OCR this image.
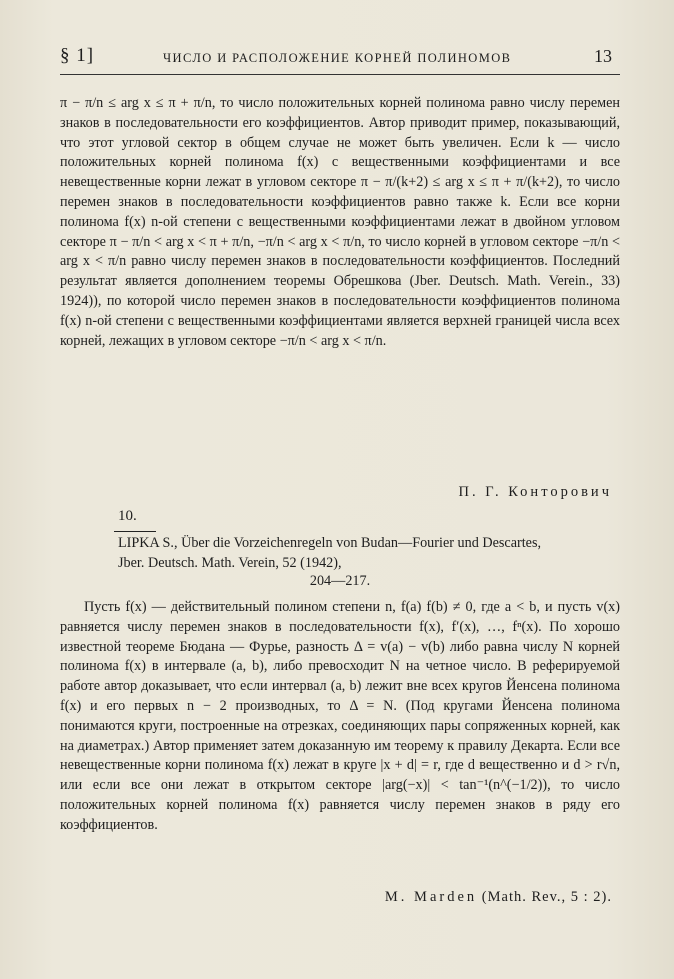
§ 1]	ЧИСЛО И РАСПОЛОЖЕНИЕ КОРНЕЙ ПОЛИНОМОВ	13

π − π/n ≤ arg x ≤ π + π/n, то число положительных корней полинома равно числу перемен знаков в последовательности его коэффициентов. Автор приводит пример, показывающий, что этот угловой сектор в общем случае не может быть увеличен. Если k — число положительных корней полинома f(x) с вещественными коэффициентами и все невещественные корни лежат в угловом секторе π − π/(k+2) ≤ arg x ≤ π + π/(k+2), то число перемен знаков в последовательности коэффициентов равно также k. Если все корни полинома f(x) n-ой степени с вещественными коэффициентами лежат в двойном угловом секторе π − π/n < arg x < π + π/n, −π/n < arg x < π/n, то число корней в угловом секторе −π/n < arg x < π/n равно числу перемен знаков в последовательности коэффициентов. Последний результат является дополнением теоремы Обрешкова (Jber. Deutsch. Math. Verein., 33) 1924)), по которой число перемен знаков в последовательности коэффициентов полинома f(x) n-ой степени с вещественными коэффициентами является верхней границей числа всех корней, лежащих в угловом секторе −π/n < arg x < π/n.

П. Г. Конторович
10.
LIPKA S., Über die Vorzeichenregeln von Budan—Fourier und Descartes, Jber. Deutsch. Math. Verein, 52 (1942),
204—217.

Пусть f(x) — действительный полином степени n, f(a) f(b) ≠ 0, где a < b, и пусть v(x) равняется числу перемен знаков в последовательности f(x), f′(x), …, fⁿ(x). По хорошо известной теореме Бюдана — Фурье, разность Δ = v(a) − v(b) либо равна числу N корней полинома f(x) в интервале (a, b), либо превосходит N на четное число. В реферируемой работе автор доказывает, что если интервал (a, b) лежит вне всех кругов Йенсена полинома f(x) и его первых n − 2 производных, то Δ = N. (Под кругами Йенсена полинома понимаются круги, построенные на отрезках, соединяющих пары сопряженных корней, как на диаметрах.) Автор применяет затем доказанную им теорему к правилу Декарта. Если все невещественные корни полинома f(x) лежат в круге |x + d| = r, где d вещественно и d > r√n, или если все они лежат в открытом секторе |arg(−x)| < tan⁻¹(n^(−1/2)), то число положительных корней полинома f(x) равняется числу перемен знаков в ряду его коэффициентов.

M. Marden (Math. Rev., 5 : 2).
